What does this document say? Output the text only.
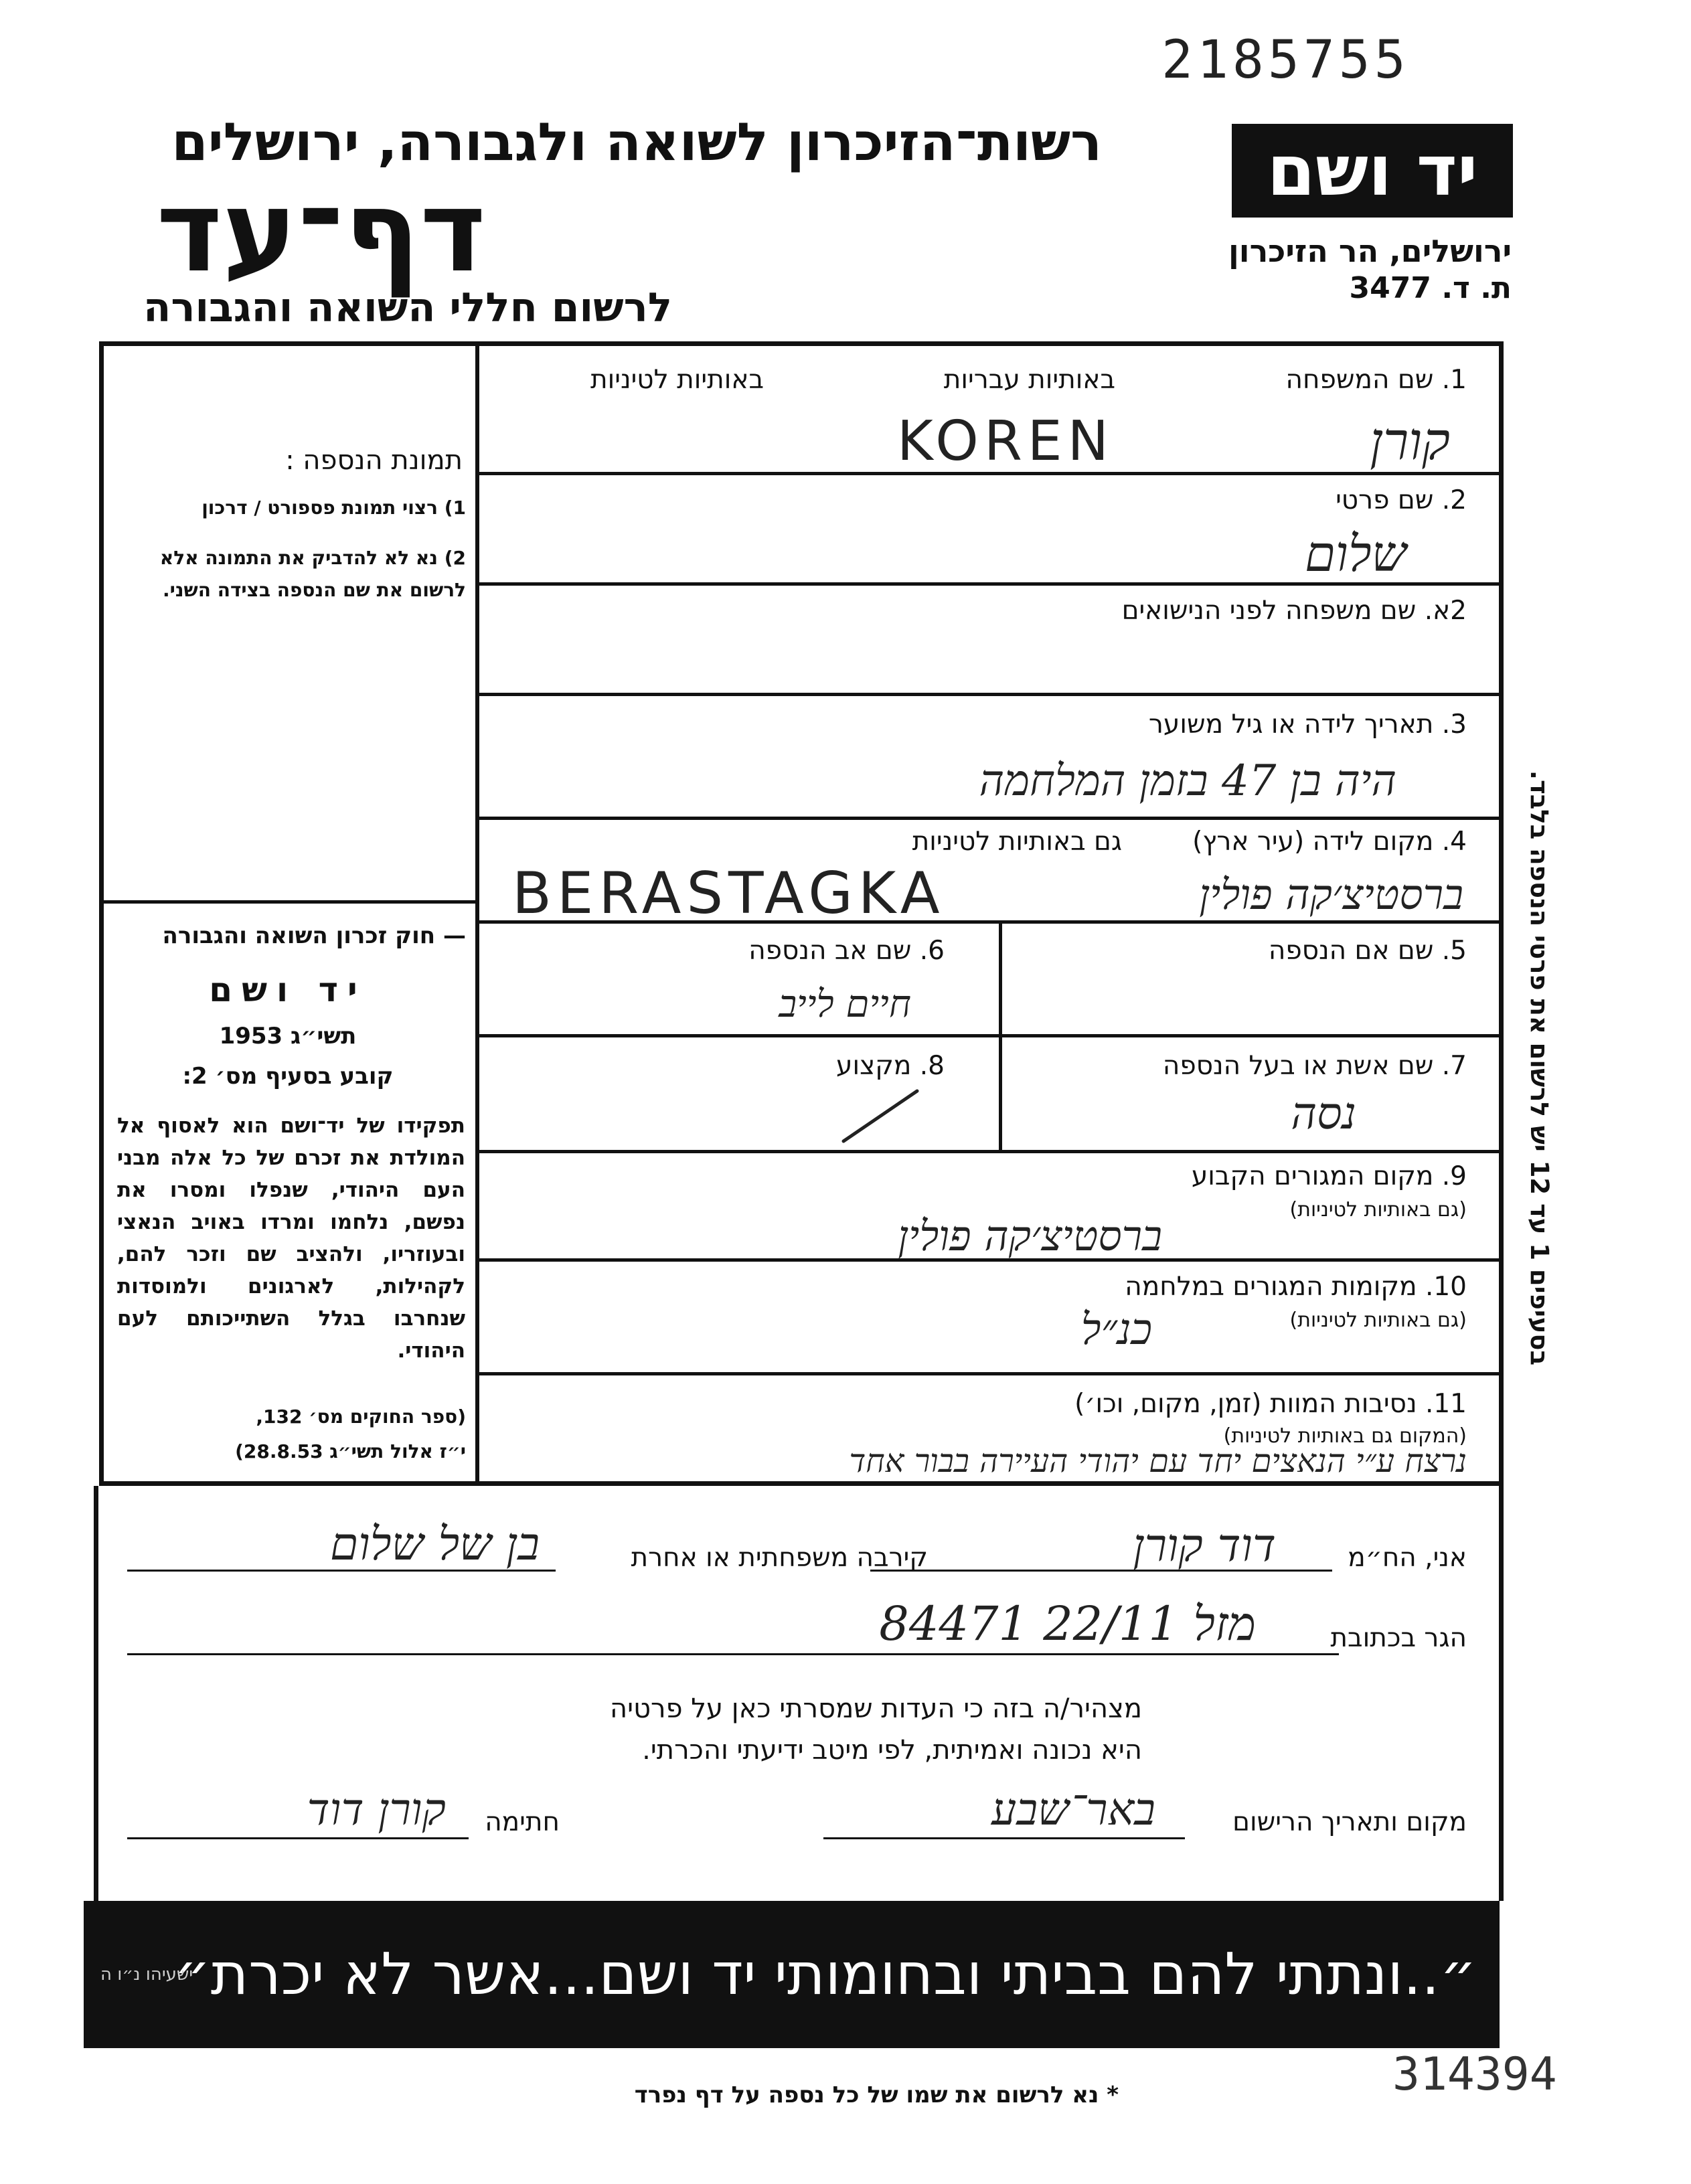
2185755
רשות־הזיכרון לשואה ולגבורה, ירושלים
דף־עד
לרשום חללי השואה והגבורה
יד ושם
ירושלים, הר הזיכרון
ת. ד. 3477
תמונת הנספה :
1) רצוי תמונת פספורט / דרכון
2) נא לא להדביק את התמונה אלא לרשום את שם הנספה בצידה השני.
— חוק זכרון השואה והגבורה
יד ושם
תשי״ג 1953
קובע בסעיף מס׳ 2:
תפקידו של יד־ושם הוא לאסוף אל המולדת את זכרם של כל אלה מבני העם היהודי, שנפלו ומסרו את נפשם, נלחמו ומרדו באויב הנאצי ובעוזריו, ולהציב שם וזכר להם, לקהילות, לארגונים ולמוסדות שנחרבו בגלל השתייכותם לעם היהודי.
(ספר החוקים מס׳ 132,
י״ז אלול תשי״ג 28.8.53)
1. שם המשפחה
באותיות עבריות
באותיות לטיניות
קורן
KOREN
2. שם פרטי
שלום
2א. שם משפחה לפני הנישואים
3. תאריך לידה או גיל משוער
היה בן 47 בזמן המלחמה
4. מקום לידה (עיר ארץ)
גם באותיות לטיניות
BERASTAGKA	ברסטיצ׳קה פולין
5. שם אם הנספה
6. שם אב הנספה
חיים לייב
7. שם אשת או בעל הנספה
נסה
8. מקצוע
9. מקום המגורים הקבוע
(גם באותיות לטיניות)
ברסטיצ׳קה פולין
10. מקומות המגורים במלחמה
(גם באותיות לטיניות)
כנ״ל
11. נסיבות המוות (זמן, מקום, וכו׳)
(המקום גם באותיות לטיניות)
נרצח ע״י הנאצים יחד עם יהודי העיירה בבור אחד
בסעיפים 1 עד 12 יש לרשום את פרטי הנספה בלבד.
אני, הח״מ
דוד קורן
קירבה משפחתית או אחרת
בן של שלום
הגר בכתובת
מזל 22/11 84471
מצהיר/ה בזה כי העדות שמסרתי כאן על פרטיה
היא נכונה ואמיתית, לפי מיטב ידיעתי והכרתי.
מקום ותאריך הרישום
באר־שבע
חתימה
קורן דוד
״..ונתתי להם בביתי ובחומותי יד ושם...אשר לא יכרת״
ישעיהו נ״ו ה
* נא לרשום את שמו של כל נספה על דף נפרד	314394
